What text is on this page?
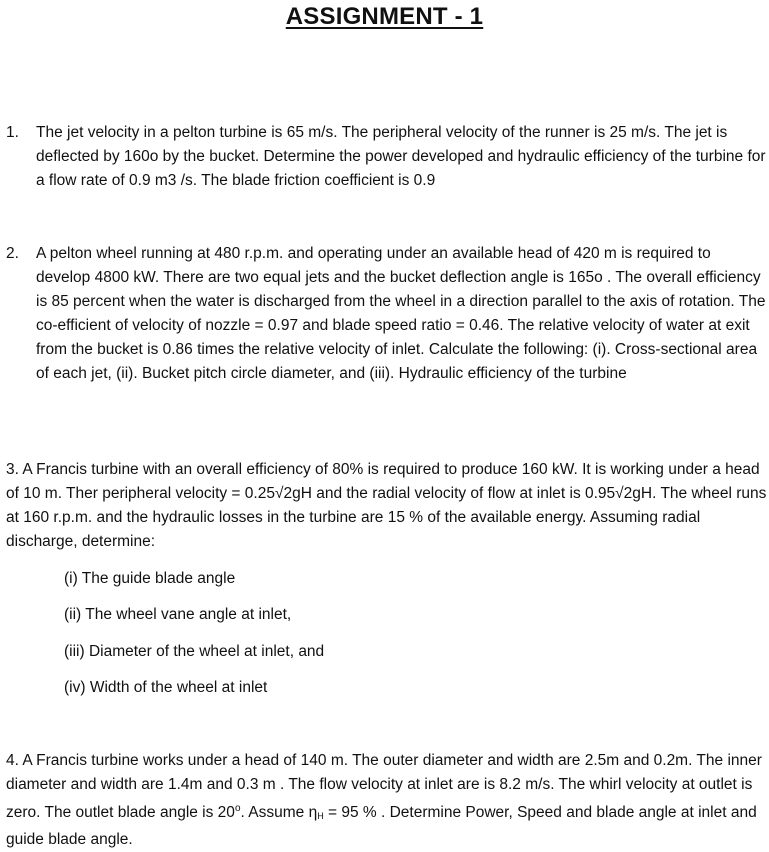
ASSIGNMENT - 1
1. The jet velocity in a pelton turbine is 65 m/s. The peripheral velocity of the runner is 25 m/s. The jet is deflected by 160o by the bucket. Determine the power developed and hydraulic efficiency of the turbine for a flow rate of 0.9 m3 /s. The blade friction coefficient is 0.9
2. A pelton wheel running at 480 r.p.m. and operating under an available head of 420 m is required to develop 4800 kW. There are two equal jets and the bucket deflection angle is 165o . The overall efficiency is 85 percent when the water is discharged from the wheel in a direction parallel to the axis of rotation. The co-efficient of velocity of nozzle = 0.97 and blade speed ratio = 0.46. The relative velocity of water at exit from the bucket is 0.86 times the relative velocity of inlet. Calculate the following: (i). Cross-sectional area of each jet, (ii). Bucket pitch circle diameter, and (iii). Hydraulic efficiency of the turbine
3. A Francis turbine with an overall efficiency of 80% is required to produce 160 kW. It is working under a head of 10 m. Ther peripheral velocity = 0.25√2gH and the radial velocity of flow at inlet is 0.95√2gH. The wheel runs at 160 r.p.m. and the hydraulic losses in the turbine are 15 % of the available energy. Assuming radial discharge, determine:
(i) The guide blade angle
(ii) The wheel vane angle at inlet,
(iii) Diameter of the wheel at inlet, and
(iv) Width of the wheel at inlet
4. A Francis turbine works under a head of 140 m. The outer diameter and width are 2.5m and 0.2m. The inner diameter and width are 1.4m and 0.3 m . The flow velocity at inlet are is 8.2 m/s. The whirl velocity at outlet is zero. The outlet blade angle is 20$^o$. Assume $\eta_H = 95$ % . Determine Power, Speed and blade angle at inlet and guide blade angle.
